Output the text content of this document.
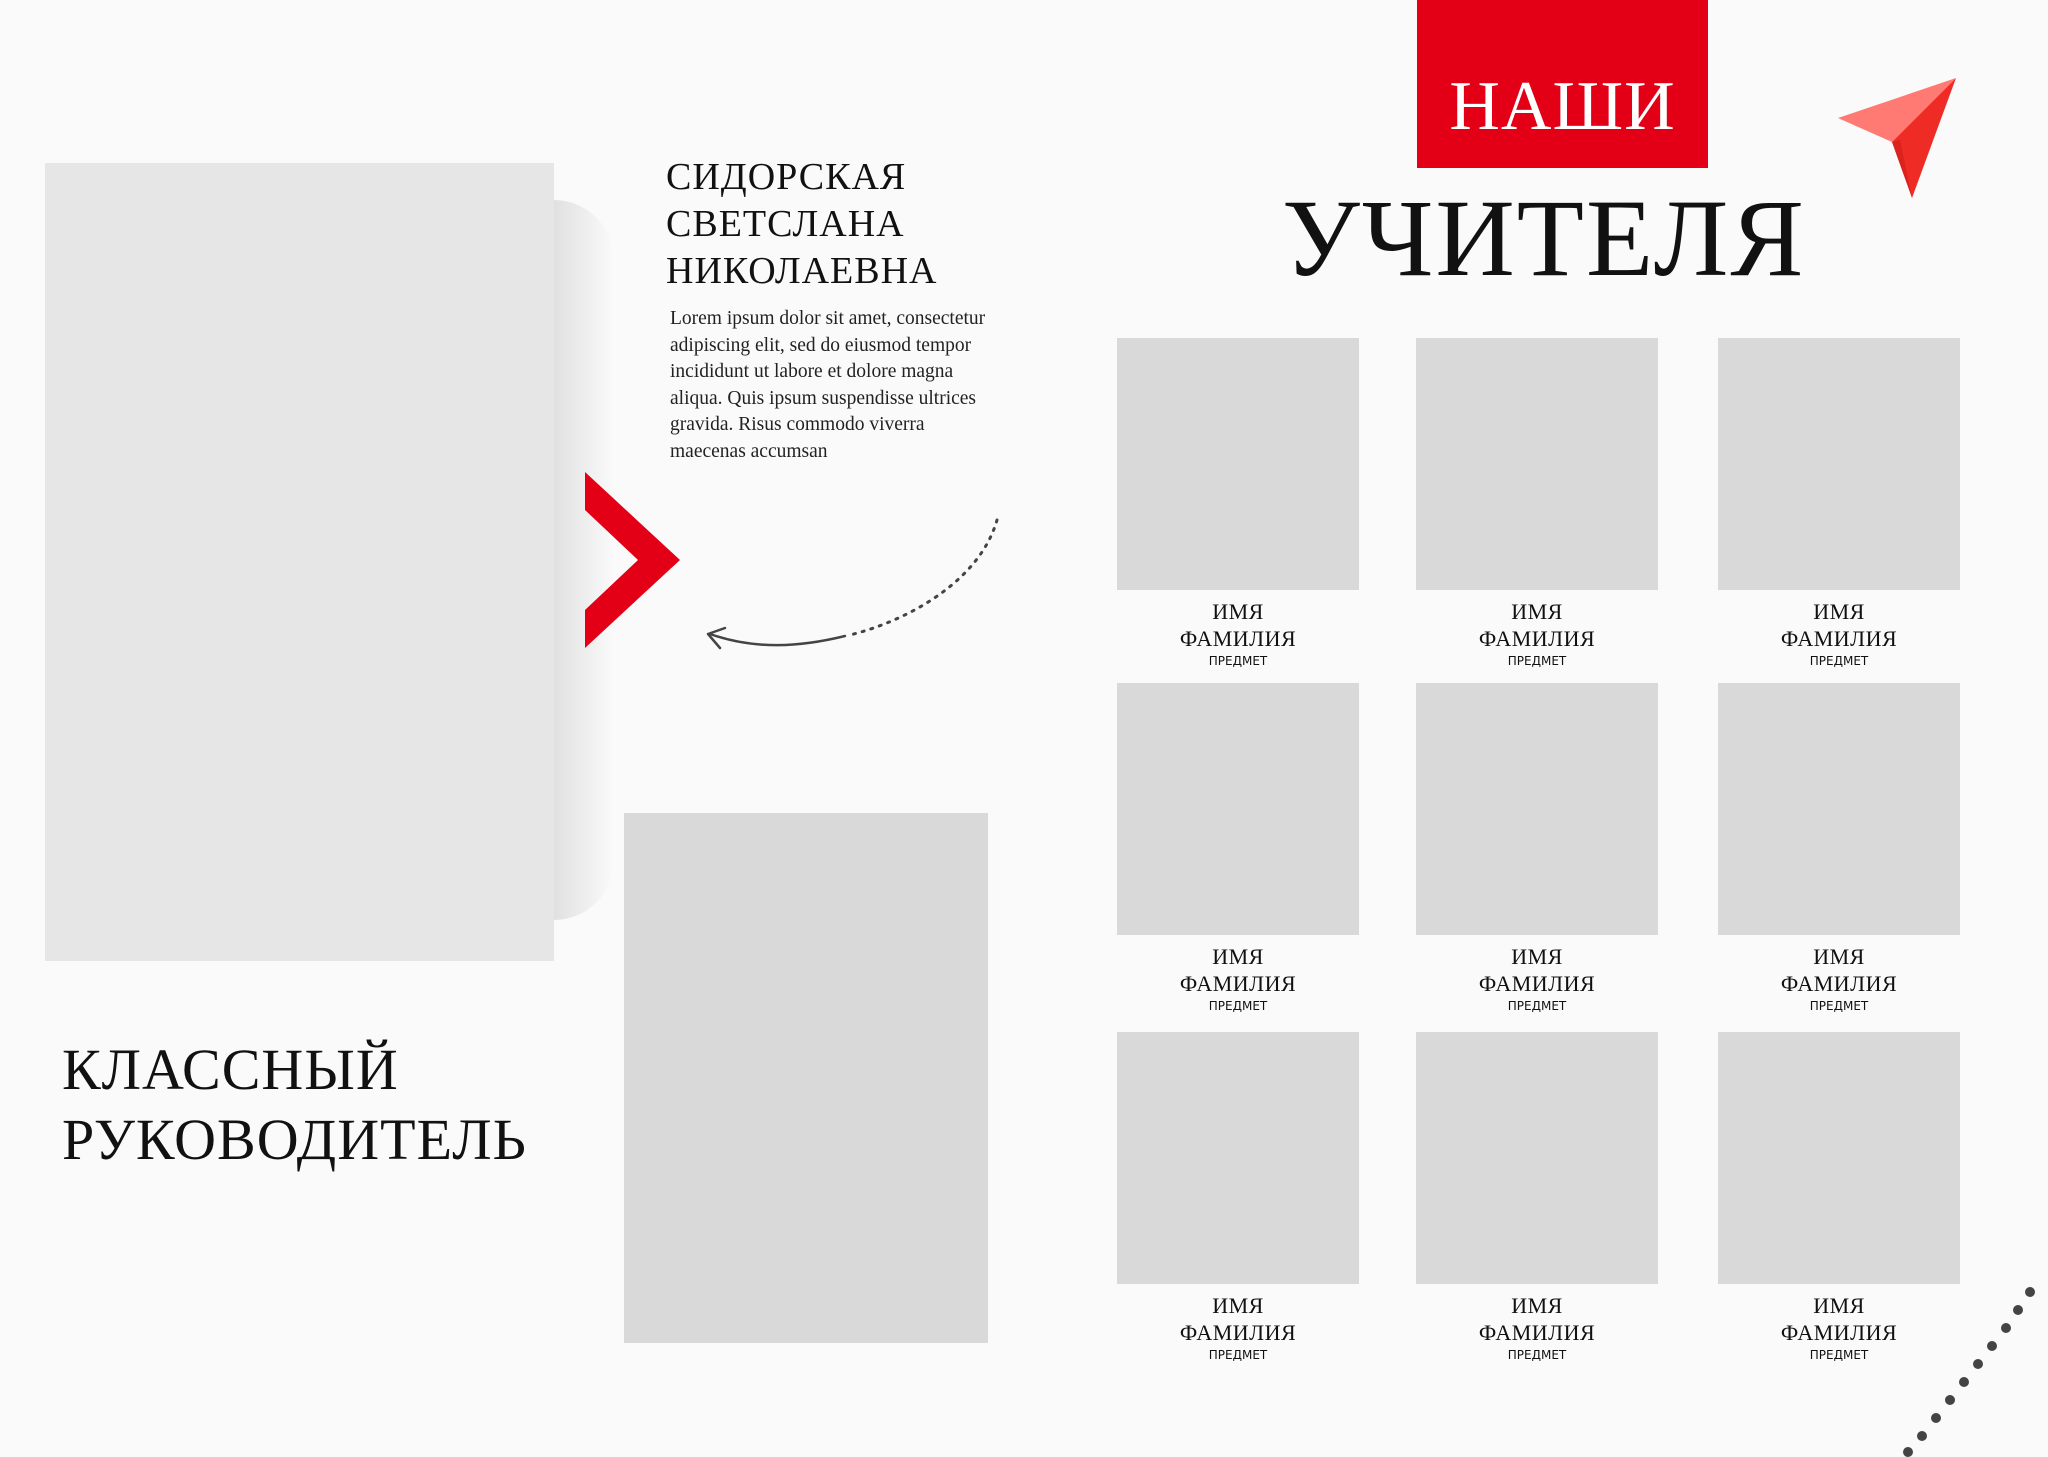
КЛАССНЫЙ
РУКОВОДИТЕЛЬ
СИДОРСКАЯ
СВЕТСЛАНА
НИКОЛАЕВНА
Lorem ipsum dolor sit amet, consectetur adipiscing elit, sed do eiusmod tempor incididunt ut labore et dolore magna aliqua. Quis ipsum suspendisse ultrices gravida. Risus commodo viverra maecenas accumsan
НАШИ
УЧИТЕЛЯ
ИМЯ
ФАМИЛИЯ
ПРЕДМЕТ
ИМЯ
ФАМИЛИЯ
ПРЕДМЕТ
ИМЯ
ФАМИЛИЯ
ПРЕДМЕТ
ИМЯ
ФАМИЛИЯ
ПРЕДМЕТ
ИМЯ
ФАМИЛИЯ
ПРЕДМЕТ
ИМЯ
ФАМИЛИЯ
ПРЕДМЕТ
ИМЯ
ФАМИЛИЯ
ПРЕДМЕТ
ИМЯ
ФАМИЛИЯ
ПРЕДМЕТ
ИМЯ
ФАМИЛИЯ
ПРЕДМЕТ
